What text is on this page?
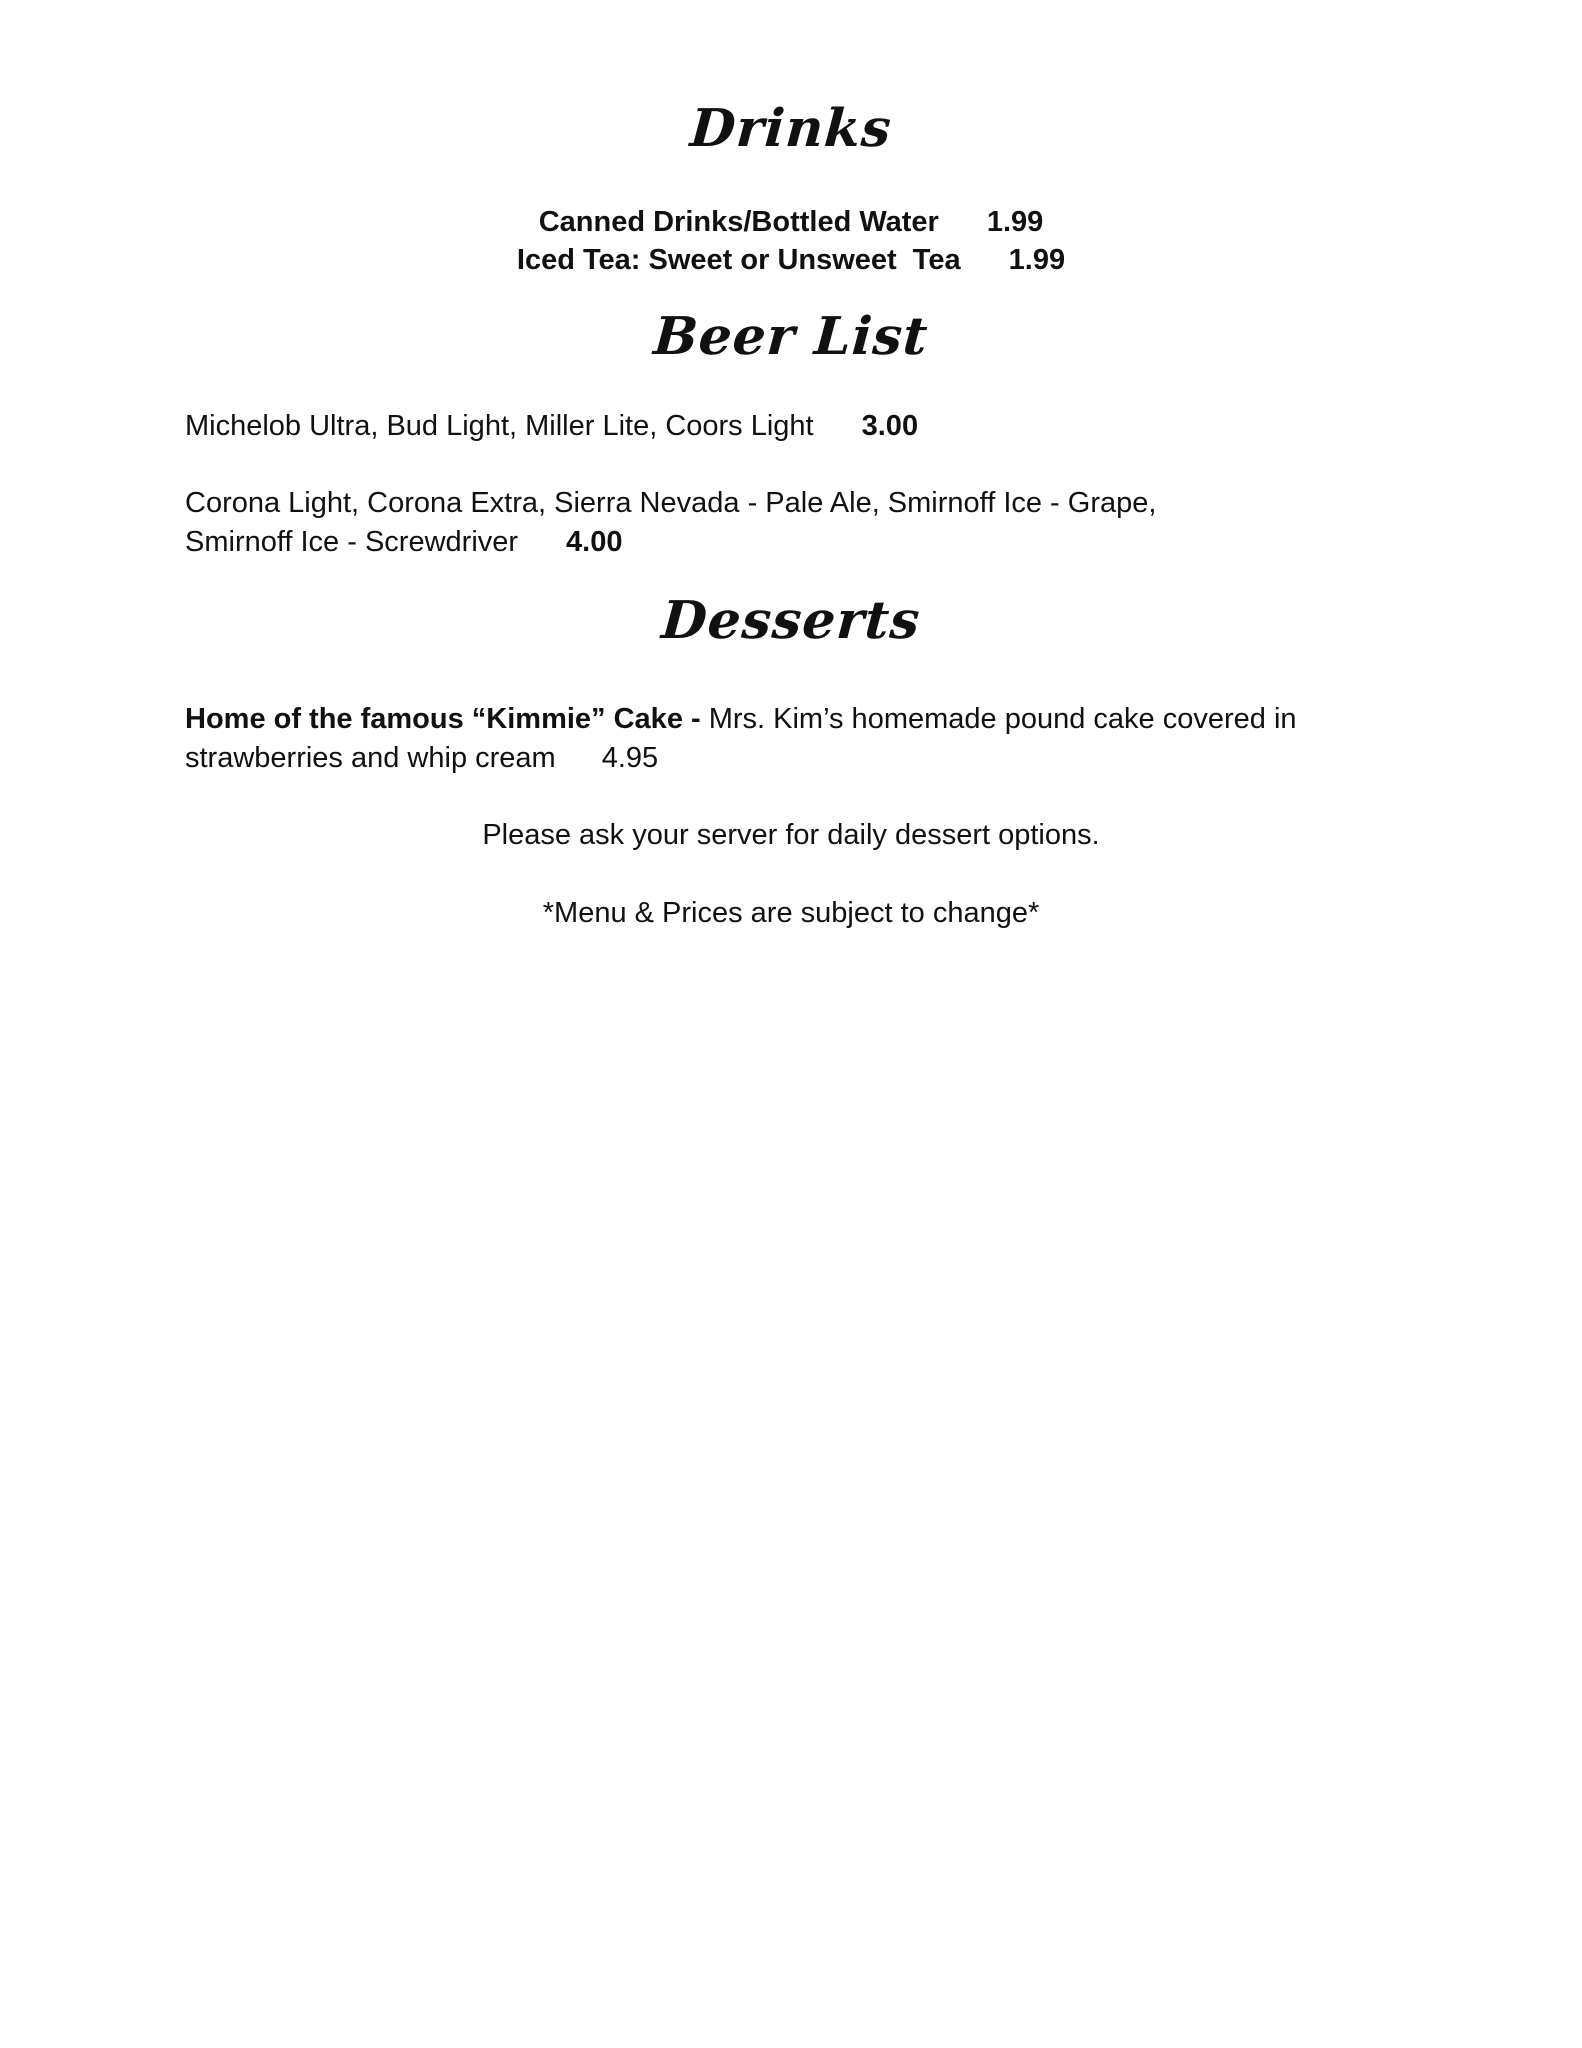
Drinks
Canned Drinks/Bottled Water 1.99
Iced Tea: Sweet or Unsweet  Tea 1.99
Beer List
Michelob Ultra, Bud Light, Miller Lite, Coors Light 3.00
Corona Light, Corona Extra, Sierra Nevada - Pale Ale, Smirnoff Ice - Grape,
Smirnoff Ice - Screwdriver 4.00
Desserts
Home of the famous “Kimmie” Cake - Mrs. Kim’s homemade pound cake covered in
strawberries and whip cream 4.95
Please ask your server for daily dessert options.
*Menu & Prices are subject to change*
